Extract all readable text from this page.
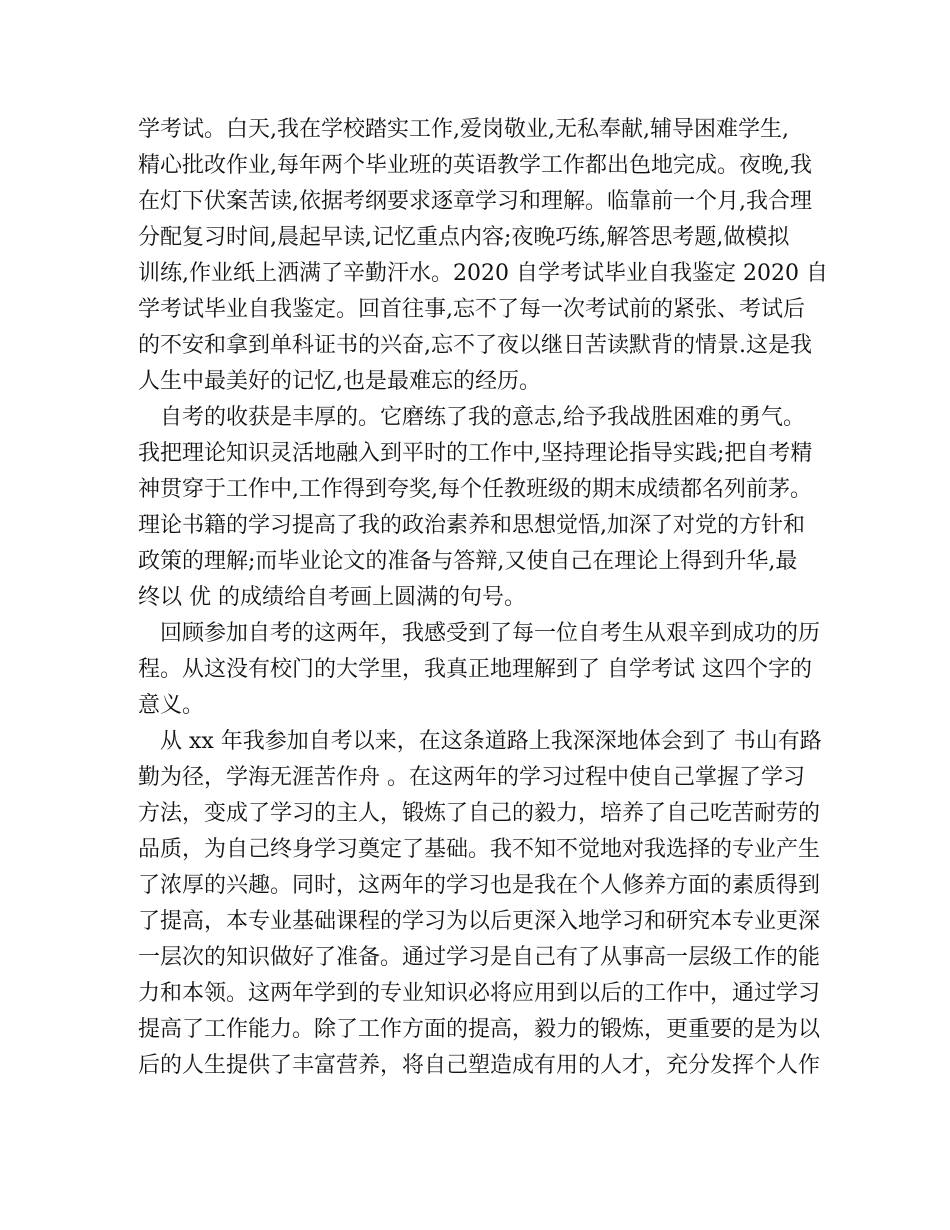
学考试。白天,我在学校踏实工作,爱岗敬业,无私奉献,辅导困难学生,
精心批改作业,每年两个毕业班的英语教学工作都出色地完成。夜晚,我
在灯下伏案苦读,依据考纲要求逐章学习和理解。临靠前一个月,我合理
分配复习时间,晨起早读,记忆重点内容;夜晚巧练,解答思考题,做模拟
训练,作业纸上洒满了辛勤汗水。2020 自学考试毕业自我鉴定 2020 自
学考试毕业自我鉴定。回首往事,忘不了每一次考试前的紧张、考试后
的不安和拿到单科证书的兴奋,忘不了夜以继日苦读默背的情景.这是我
人生中最美好的记忆,也是最难忘的经历。
自考的收获是丰厚的。它磨练了我的意志,给予我战胜困难的勇气。
我把理论知识灵活地融入到平时的工作中,坚持理论指导实践;把自考精
神贯穿于工作中,工作得到夸奖,每个任教班级的期末成绩都名列前茅。
理论书籍的学习提高了我的政治素养和思想觉悟,加深了对党的方针和
政策的理解;而毕业论文的准备与答辩,又使自己在理论上得到升华,最
终以 优 的成绩给自考画上圆满的句号。
回顾参加自考的这两年，我感受到了每一位自考生从艰辛到成功的历
程。从这没有校门的大学里，我真正地理解到了 自学考试 这四个字的
意义。
从 xx 年我参加自考以来，在这条道路上我深深地体会到了 书山有路
勤为径，学海无涯苦作舟 。在这两年的学习过程中使自己掌握了学习
方法，变成了学习的主人，锻炼了自己的毅力，培养了自己吃苦耐劳的
品质，为自己终身学习奠定了基础。我不知不觉地对我选择的专业产生
了浓厚的兴趣。同时，这两年的学习也是我在个人修养方面的素质得到
了提高，本专业基础课程的学习为以后更深入地学习和研究本专业更深
一层次的知识做好了准备。通过学习是自己有了从事高一层级工作的能
力和本领。这两年学到的专业知识必将应用到以后的工作中，通过学习
提高了工作能力。除了工作方面的提高，毅力的锻炼，更重要的是为以
后的人生提供了丰富营养，将自己塑造成有用的人才，充分发挥个人作
